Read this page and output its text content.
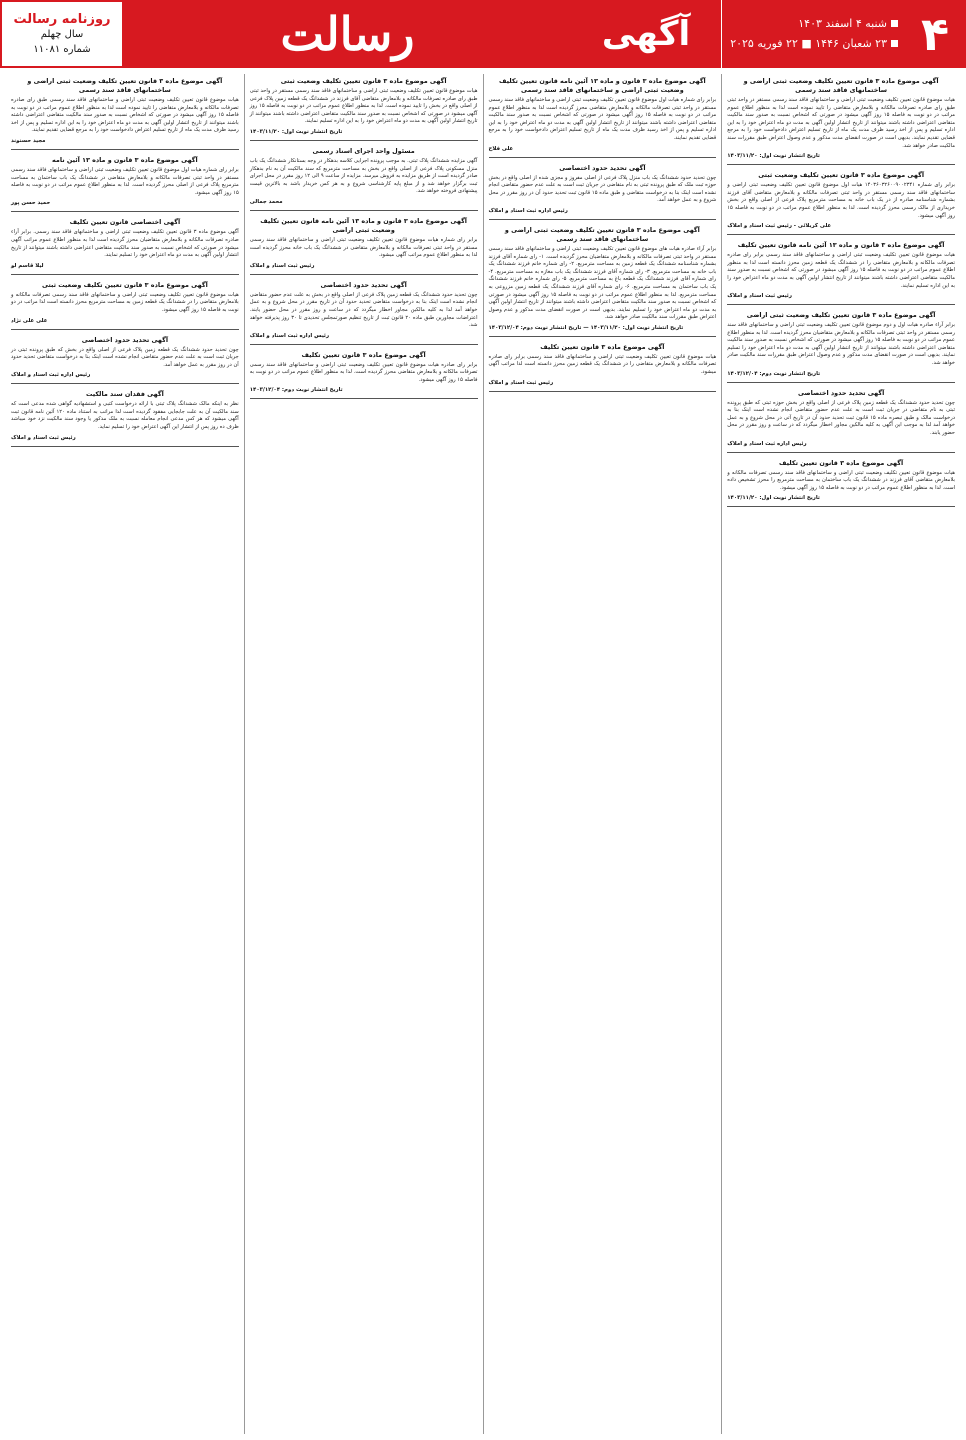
۴
شنبه ۴ اسفند ۱۴۰۳
۲۳ شعبان ۱۴۴۶ ■ ۲۲ فوریه ۲۰۲۵
آگهی
رسالت
روزنامه رسالت
سال چهلم
شماره ۱۱۰۸۱
آگهی موضوع ماده ۳ قانون تعیین تکلیف وضعیت ثبتی اراضی و ساختمانهای فاقد سند رسمی

هیات موضوع قانون تعیین تکلیف وضعیت ثبتی اراضی و ساختمانهای فاقد سند رسمی مستقر در واحد ثبتی طبق رای صادره تصرفات مالکانه و بلامعارض متقاضی را تایید نموده است لذا به منظور اطلاع عموم مراتب در دو نوبت به فاصله ۱۵ روز آگهی میشود در صورتی که اشخاص نسبت به صدور سند مالکیت متقاضی اعتراضی داشته باشند میتوانند از تاریخ انتشار اولین آگهی به مدت دو ماه اعتراض خود را به این اداره تسلیم و پس از اخذ رسید ظرف مدت یک ماه از تاریخ تسلیم اعتراض دادخواست خود را به مرجع قضایی تقدیم نمایند. بدیهی است در صورت انقضای مدت مذکور و عدم وصول اعتراض طبق مقررات سند مالکیت صادر خواهد شد.

تاریخ انتشار نوبت اول: ۱۴۰۳/۱۱/۲۰
آگهی موضوع ماده ۳ قانون تعیین تکلیف وضعیت ثبتی

برابر رای شماره ۱۴۰۳۶۰۳۲۶۰۰۹۰۰۲۳۴۱ هیات اول موضوع قانون تعیین تکلیف وضعیت ثبتی اراضی و ساختمانهای فاقد سند رسمی مستقر در واحد ثبتی تصرفات مالکانه و بلامعارض متقاضی آقای فرزند بشماره شناسنامه صادره از در یک باب خانه به مساحت مترمربع پلاک فرعی از اصلی واقع در بخش خریداری از مالک رسمی محرز گردیده است. لذا به منظور اطلاع عموم مراتب در دو نوبت به فاصله ۱۵ روز آگهی میشود.

علی کربلائی - رئیس ثبت اسناد و املاک
آگهی موضوع ماده ۳ قانون و ماده ۱۳ آئین نامه قانون تعیین تکلیف

هیات موضوع قانون تعیین تکلیف وضعیت ثبتی اراضی و ساختمانهای فاقد سند رسمی برابر رای صادره تصرفات مالکانه و بلامعارض متقاضی را در ششدانگ یک قطعه زمین محرز دانسته است لذا به منظور اطلاع عموم مراتب در دو نوبت به فاصله ۱۵ روز آگهی میشود در صورتی که اشخاص نسبت به صدور سند مالکیت متقاضی اعتراضی داشته باشند میتوانند از تاریخ انتشار اولین آگهی به مدت دو ماه اعتراض خود را به این اداره تسلیم نمایند.

رئیس ثبت اسناد و املاک
آگهی موضوع ماده ۳ قانون تعیین تکلیف وضعیت ثبتی اراضی

برابر آراء صادره هیات اول و دوم موضوع قانون تعیین تکلیف وضعیت ثبتی اراضی و ساختمانهای فاقد سند رسمی مستقر در واحد ثبتی تصرفات مالکانه و بلامعارض متقاضیان محرز گردیده است. لذا به منظور اطلاع عموم مراتب در دو نوبت به فاصله ۱۵ روز آگهی میشود در صورتی که اشخاص نسبت به صدور سند مالکیت متقاضی اعتراضی داشته باشند میتوانند از تاریخ انتشار اولین آگهی به مدت دو ماه اعتراض خود را تسلیم نمایند. بدیهی است در صورت انقضای مدت مذکور و عدم وصول اعتراض طبق مقررات سند مالکیت صادر خواهد شد.

تاریخ انتشار نوبت دوم: ۱۴۰۳/۱۲/۰۴
آگهی تحدید حدود اختصاصی

چون تحدید حدود ششدانگ یک قطعه زمین پلاک فرعی از اصلی واقع در بخش حوزه ثبتی که طبق پرونده ثبتی به نام متقاضی در جریان ثبت است به علت عدم حضور متقاضی انجام نشده است اینک بنا به درخواست مالک و طبق تبصره ماده ۱۵ قانون ثبت تحدید حدود آن در تاریخ آتی در محل شروع و به عمل خواهد آمد لذا به موجب این آگهی به کلیه مالکین مجاور اخطار میگردد که در ساعت و روز مقرر در محل حضور یابند.

رئیس اداره ثبت اسناد و املاک
آگهی موضوع ماده ۳ قانون تعیین تکلیف

هیات موضوع قانون تعیین تکلیف وضعیت ثبتی اراضی و ساختمانهای فاقد سند رسمی تصرفات مالکانه و بلامعارض متقاضی آقای فرزند در ششدانگ یک باب ساختمان به مساحت مترمربع را محرز تشخیص داده است. لذا به منظور اطلاع عموم مراتب در دو نوبت به فاصله ۱۵ روز آگهی میشود.

تاریخ انتشار نوبت اول: ۱۴۰۳/۱۱/۲۰
آگهی موضوع ماده ۳ قانون و ماده ۱۳ آئین نامه قانون تعیین تکلیف وضعیت ثبتی اراضی و ساختمانهای فاقد سند رسمی

برابر رای شماره هیات اول موضوع قانون تعیین تکلیف وضعیت ثبتی اراضی و ساختمانهای فاقد سند رسمی مستقر در واحد ثبتی تصرفات مالکانه و بلامعارض متقاضی محرز گردیده است لذا به منظور اطلاع عموم مراتب در دو نوبت به فاصله ۱۵ روز آگهی میشود در صورتی که اشخاص نسبت به صدور سند مالکیت متقاضی اعتراضی داشته باشند میتوانند از تاریخ انتشار اولین آگهی به مدت دو ماه اعتراض خود را به این اداره تسلیم و پس از اخذ رسید ظرف مدت یک ماه از تاریخ تسلیم اعتراض دادخواست خود را به مرجع قضایی تقدیم نمایند.

علی فلاح
آگهی تحدید حدود اختصاصی

چون تحدید حدود ششدانگ یک باب منزل پلاک فرعی از اصلی مفروز و مجزی شده از اصلی واقع در بخش حوزه ثبت ملک که طبق پرونده ثبتی به نام متقاضی در جریان ثبت است به علت عدم حضور متقاضی انجام نشده است اینک بنا به درخواست متقاضی و طبق ماده ۱۵ قانون ثبت تحدید حدود آن در روز مقرر در محل شروع و به عمل خواهد آمد.

رئیس اداره ثبت اسناد و املاک
آگهی موضوع ماده ۳ قانون تعیین تکلیف وضعیت ثبتی اراضی و ساختمانهای فاقد سند رسمی

برابر آراء صادره هیات های موضوع قانون تعیین تکلیف وضعیت ثبتی اراضی و ساختمانهای فاقد سند رسمی مستقر در واحد ثبتی تصرفات مالکانه و بلامعارض متقاضیان محرز گردیده است. ۱- رای شماره آقای فرزند بشماره شناسنامه ششدانگ یک قطعه زمین به مساحت مترمربع. ۲- رای شماره خانم فرزند ششدانگ یک باب خانه به مساحت مترمربع. ۳- رای شماره آقای فرزند ششدانگ یک باب مغازه به مساحت مترمربع. ۴- رای شماره آقای فرزند ششدانگ یک قطعه باغ به مساحت مترمربع. ۵- رای شماره خانم فرزند ششدانگ یک باب ساختمان به مساحت مترمربع. ۶- رای شماره آقای فرزند ششدانگ یک قطعه زمین مزروعی به مساحت مترمربع. لذا به منظور اطلاع عموم مراتب در دو نوبت به فاصله ۱۵ روز آگهی میشود در صورتی که اشخاص نسبت به صدور سند مالکیت متقاضی اعتراضی داشته باشند میتوانند از تاریخ انتشار اولین آگهی به مدت دو ماه اعتراض خود را تسلیم نمایند. بدیهی است در صورت انقضای مدت مذکور و عدم وصول اعتراض طبق مقررات سند مالکیت صادر خواهد شد.

تاریخ انتشار نوبت اول: ۱۴۰۳/۱۱/۲۰ — تاریخ انتشار نوبت دوم: ۱۴۰۳/۱۲/۰۴
آگهی موضوع ماده ۳ قانون تعیین تکلیف

هیات موضوع قانون تعیین تکلیف وضعیت ثبتی اراضی و ساختمانهای فاقد سند رسمی برابر رای صادره تصرفات مالکانه و بلامعارض متقاضی را در ششدانگ یک قطعه زمین محرز دانسته است لذا مراتب آگهی میشود.

رئیس ثبت اسناد و املاک
آگهی موضوع ماده ۳ قانون تعیین تکلیف وضعیت ثبتی

هیات موضوع قانون تعیین تکلیف وضعیت ثبتی اراضی و ساختمانهای فاقد سند رسمی مستقر در واحد ثبتی طبق رای صادره تصرفات مالکانه و بلامعارض متقاضی آقای فرزند در ششدانگ یک قطعه زمین پلاک فرعی از اصلی واقع در بخش را تایید نموده است. لذا به منظور اطلاع عموم مراتب در دو نوبت به فاصله ۱۵ روز آگهی میشود در صورتی که اشخاص نسبت به صدور سند مالکیت متقاضی اعتراضی داشته باشند میتوانند از تاریخ انتشار اولین آگهی به مدت دو ماه اعتراض خود را به این اداره تسلیم نمایند.

تاریخ انتشار نوبت اول: ۱۴۰۳/۱۱/۲۰
مسئول واحد اجرای اسناد رسمی

آگهی مزایده ششدانگ پلاک ثبتی. به موجب پرونده اجرایی کلاسه بدهکار در وجه بستانکار ششدانگ یک باب منزل مسکونی پلاک فرعی از اصلی واقع در بخش به مساحت مترمربع که سند مالکیت آن به نام بدهکار صادر گردیده است از طریق مزایده به فروش میرسد. مزایده از ساعت ۹ الی ۱۲ روز مقرر در محل اجرای ثبت برگزار خواهد شد و از مبلغ پایه کارشناسی شروع و به هر کس خریدار باشد به بالاترین قیمت پیشنهادی فروخته خواهد شد.

محمد جمالی
آگهی موضوع ماده ۳ قانون و ماده ۱۳ آئین نامه قانون تعیین تکلیف وضعیت ثبتی اراضی

برابر رای شماره هیات موضوع قانون تعیین تکلیف وضعیت ثبتی اراضی و ساختمانهای فاقد سند رسمی مستقر در واحد ثبتی تصرفات مالکانه و بلامعارض متقاضی در ششدانگ یک باب خانه محرز گردیده است لذا به منظور اطلاع عموم مراتب آگهی میشود.

رئیس ثبت اسناد و املاک
آگهی تحدید حدود اختصاصی

چون تحدید حدود ششدانگ یک قطعه زمین پلاک فرعی از اصلی واقع در بخش به علت عدم حضور متقاضی انجام نشده است اینک بنا به درخواست متقاضی تحدید حدود آن در تاریخ مقرر در محل شروع و به عمل خواهد آمد لذا به کلیه مالکین مجاور اخطار میگردد که در ساعت و روز مقرر در محل حضور یابند. اعتراضات مجاورین طبق ماده ۲۰ قانون ثبت از تاریخ تنظیم صورتمجلس تحدیدی تا ۳۰ روز پذیرفته خواهد شد.

رئیس اداره ثبت اسناد و املاک
آگهی موضوع ماده ۳ قانون تعیین تکلیف

برابر رای صادره هیات موضوع قانون تعیین تکلیف وضعیت ثبتی اراضی و ساختمانهای فاقد سند رسمی تصرفات مالکانه و بلامعارض متقاضی محرز گردیده است. لذا به منظور اطلاع عموم مراتب در دو نوبت به فاصله ۱۵ روز آگهی میشود.

تاریخ انتشار نوبت دوم: ۱۴۰۳/۱۲/۰۴
آگهی موضوع ماده ۳ قانون تعیین تکلیف وضعیت ثبتی اراضی و ساختمانهای فاقد سند رسمی

هیات موضوع قانون تعیین تکلیف وضعیت ثبتی اراضی و ساختمانهای فاقد سند رسمی طبق رای صادره تصرفات مالکانه و بلامعارض متقاضی را تایید نموده است لذا به منظور اطلاع عموم مراتب در دو نوبت به فاصله ۱۵ روز آگهی میشود در صورتی که اشخاص نسبت به صدور سند مالکیت متقاضی اعتراضی داشته باشند میتوانند از تاریخ انتشار اولین آگهی به مدت دو ماه اعتراض خود را به این اداره تسلیم و پس از اخذ رسید ظرف مدت یک ماه از تاریخ تسلیم اعتراض دادخواست خود را به مرجع قضایی تقدیم نمایند.

مجید حسنوند
آگهی موضوع ماده ۳ قانون و ماده ۱۳ آئین نامه

برابر رای شماره هیات اول موضوع قانون تعیین تکلیف وضعیت ثبتی اراضی و ساختمانهای فاقد سند رسمی مستقر در واحد ثبتی تصرفات مالکانه و بلامعارض متقاضی در ششدانگ یک باب ساختمان به مساحت مترمربع پلاک فرعی از اصلی محرز گردیده است. لذا به منظور اطلاع عموم مراتب در دو نوبت به فاصله ۱۵ روز آگهی میشود.

حمید حسن پور
آگهی اختصاصی قانون تعیین تکلیف

آگهی موضوع ماده ۳ قانون تعیین تکلیف وضعیت ثبتی اراضی و ساختمانهای فاقد سند رسمی. برابر آراء صادره تصرفات مالکانه و بلامعارض متقاضیان محرز گردیده است لذا به منظور اطلاع عموم مراتب آگهی میشود در صورتی که اشخاص نسبت به صدور سند مالکیت متقاضی اعتراضی داشته باشند میتوانند از تاریخ انتشار اولین آگهی به مدت دو ماه اعتراض خود را تسلیم نمایند.

لیلا قاسم لو
آگهی موضوع ماده ۳ قانون تعیین تکلیف وضعیت ثبتی

هیات موضوع قانون تعیین تکلیف وضعیت ثبتی اراضی و ساختمانهای فاقد سند رسمی تصرفات مالکانه و بلامعارض متقاضی را در ششدانگ یک قطعه زمین به مساحت مترمربع محرز دانسته است لذا مراتب در دو نوبت به فاصله ۱۵ روز آگهی میشود.

علی علی نژاد
آگهی تحدید حدود اختصاصی

چون تحدید حدود ششدانگ یک قطعه زمین پلاک فرعی از اصلی واقع در بخش که طبق پرونده ثبتی در جریان ثبت است به علت عدم حضور متقاضی انجام نشده است اینک بنا به درخواست متقاضی تحدید حدود آن در روز مقرر به عمل خواهد آمد.

رئیس اداره ثبت اسناد و املاک
آگهی فقدان سند مالکیت

نظر به اینکه مالک ششدانگ پلاک ثبتی با ارائه درخواست کتبی و استشهادیه گواهی شده مدعی است که سند مالکیت آن به علت جابجایی مفقود گردیده است لذا مراتب به استناد ماده ۱۲۰ آئین نامه قانون ثبت آگهی میشود که هر کس مدعی انجام معامله نسبت به ملک مذکور یا وجود سند مالکیت نزد خود میباشد ظرف ده روز پس از انتشار این آگهی اعتراض خود را تسلیم نماید.

رئیس ثبت اسناد و املاک
